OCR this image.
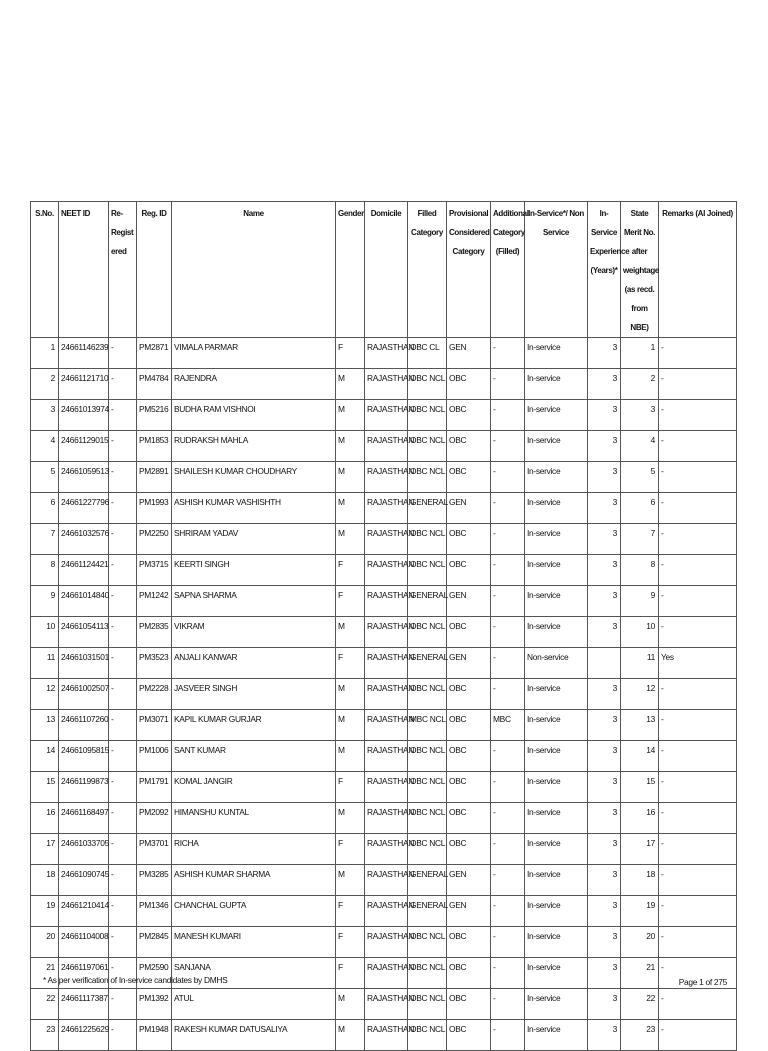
S.No.	NEET ID	Re-Regist ered	Reg. ID	Name	Gender	Domicile	Filled Category	Provisional Considered Category	Additional Category (Filled)	In-Service*/ Non Service	In-Service Experience (Years)*	State Merit No. after weightage (as recd. from NBE)	Remarks (AI Joined)
1	24661146239	-	PM2871	VIMALA PARMAR	F	RAJASTHAN	OBC CL	GEN	-	In-service	3	1	-
2	24661121710	-	PM4784	RAJENDRA	M	RAJASTHAN	OBC NCL	OBC	-	In-service	3	2	-
3	24661013974	-	PM5216	BUDHA RAM VISHNOI	M	RAJASTHAN	OBC NCL	OBC	-	In-service	3	3	-
4	24661129015	-	PM1853	RUDRAKSH MAHLA	M	RAJASTHAN	OBC NCL	OBC	-	In-service	3	4	-
5	24661059513	-	PM2891	SHAILESH KUMAR CHOUDHARY	M	RAJASTHAN	OBC NCL	OBC	-	In-service	3	5	-
6	24661227796	-	PM1993	ASHISH KUMAR VASHISHTH	M	RAJASTHAN	GENERAL	GEN	-	In-service	3	6	-
7	24661032576	-	PM2250	SHRIRAM YADAV	M	RAJASTHAN	OBC NCL	OBC	-	In-service	3	7	-
8	24661124421	-	PM3715	KEERTI SINGH	F	RAJASTHAN	OBC NCL	OBC	-	In-service	3	8	-
9	24661014840	-	PM1242	SAPNA SHARMA	F	RAJASTHAN	GENERAL	GEN	-	In-service	3	9	-
10	24661054113	-	PM2835	VIKRAM	M	RAJASTHAN	OBC NCL	OBC	-	In-service	3	10	-
11	24661031501	-	PM3523	ANJALI KANWAR	F	RAJASTHAN	GENERAL	GEN	-	Non-service		11	Yes
12	24661002507	-	PM2228	JASVEER SINGH	M	RAJASTHAN	OBC NCL	OBC	-	In-service	3	12	-
13	24661107260	-	PM3071	KAPIL KUMAR GURJAR	M	RAJASTHAN	MBC NCL	OBC	MBC	In-service	3	13	-
14	24661095815	-	PM1006	SANT KUMAR	M	RAJASTHAN	OBC NCL	OBC	-	In-service	3	14	-
15	24661199873	-	PM1791	KOMAL JANGIR	F	RAJASTHAN	OBC NCL	OBC	-	In-service	3	15	-
16	24661168497	-	PM2092	HIMANSHU KUNTAL	M	RAJASTHAN	OBC NCL	OBC	-	In-service	3	16	-
17	24661033705	-	PM3701	RICHA	F	RAJASTHAN	OBC NCL	OBC	-	In-service	3	17	-
18	24661090745	-	PM3285	ASHISH KUMAR SHARMA	M	RAJASTHAN	GENERAL	GEN	-	In-service	3	18	-
19	24661210414	-	PM1346	CHANCHAL GUPTA	F	RAJASTHAN	GENERAL	GEN	-	In-service	3	19	-
20	24661104008	-	PM2845	MANESH KUMARI	F	RAJASTHAN	OBC NCL	OBC	-	In-service	3	20	-
21	24661197061	-	PM2590	SANJANA	F	RAJASTHAN	OBC NCL	OBC	-	In-service	3	21	-
22	24661117387	-	PM1392	ATUL	M	RAJASTHAN	OBC NCL	OBC	-	In-service	3	22	-
23	24661225629	-	PM1948	RAKESH KUMAR DATUSALIYA	M	RAJASTHAN	OBC NCL	OBC	-	In-service	3	23	-
* As per verification of In-service candidates by DMHS	Page 1 of 275
